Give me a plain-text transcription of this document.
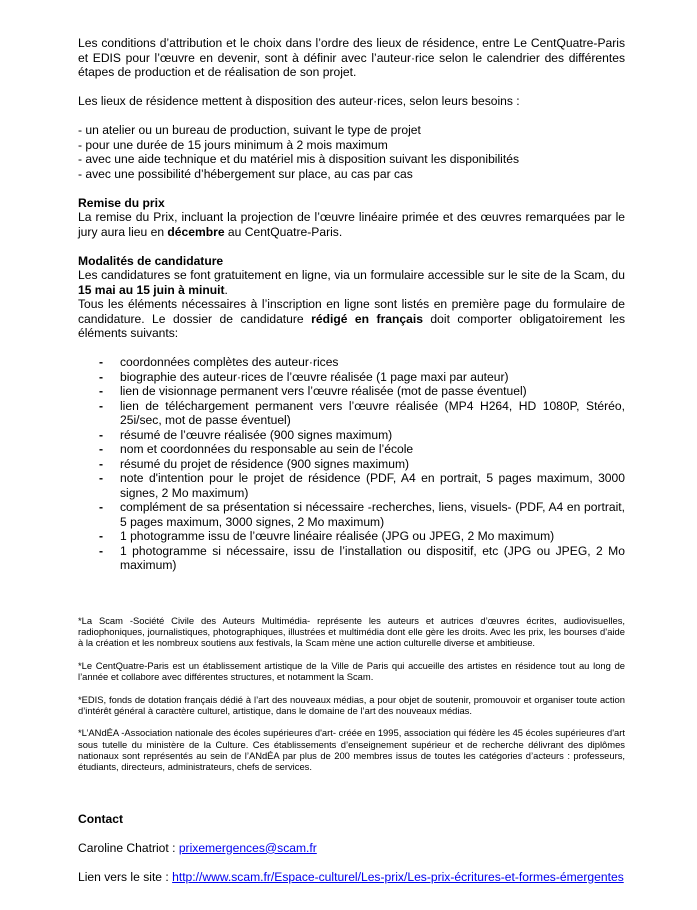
Les conditions d’attribution et le choix dans l’ordre des lieux de résidence, entre Le CentQuatre-Paris et EDIS pour l’œuvre en devenir, sont à définir avec l’auteur·rice selon le calendrier des différentes étapes de production et de réalisation de son projet.

Les lieux de résidence mettent à disposition des auteur·rices, selon leurs besoins :

- un atelier ou un bureau de production, suivant le type de projet
- pour une durée de 15 jours minimum à 2 mois maximum
- avec une aide technique et du matériel mis à disposition suivant les disponibilités
- avec une possibilité d’hébergement sur place, au cas par cas

Remise du prix

La remise du Prix, incluant la projection de l’œuvre linéaire primée et des œuvres remarquées par le jury aura lieu en décembre au CentQuatre-Paris.

Modalités de candidature

Les candidatures se font gratuitement en ligne, via un formulaire accessible sur le site de la Scam, du 15 mai au 15 juin à minuit.

Tous les éléments nécessaires à l’inscription en ligne sont listés en première page du formulaire de candidature. Le dossier de candidature rédigé en français doit comporter obligatoirement les éléments suivants:

- coordonnées complètes des auteur·rices
- biographie des auteur·rices de l’œuvre réalisée (1 page maxi par auteur)
- lien de visionnage permanent vers l’œuvre réalisée (mot de passe éventuel)
- lien de téléchargement permanent vers l’œuvre réalisée (MP4 H264, HD 1080P, Stéréo, 25i/sec, mot de passe éventuel)
- résumé de l’œuvre réalisée (900 signes maximum)
- nom et coordonnées du responsable au sein de l’école
- résumé du projet de résidence (900 signes maximum)
- note d'intention pour le projet de résidence (PDF, A4 en portrait, 5 pages maximum, 3000 signes, 2 Mo maximum)
- complément de sa présentation si nécessaire -recherches, liens, visuels- (PDF, A4 en portrait, 5 pages maximum, 3000 signes, 2 Mo maximum)
- 1 photogramme issu de l’œuvre linéaire réalisée (JPG ou JPEG, 2 Mo maximum)
- 1 photogramme si nécessaire, issu de l’installation ou dispositif, etc (JPG ou JPEG, 2 Mo maximum)

*La Scam -Société Civile des Auteurs Multimédia- représente les auteurs et autrices d’œuvres écrites, audiovisuelles, radiophoniques, journalistiques, photographiques, illustrées et multimédia dont elle gère les droits. Avec les prix, les bourses d’aide à la création et les nombreux soutiens aux festivals, la Scam mène une action culturelle diverse et ambitieuse.

*Le CentQuatre-Paris est un établissement artistique de la Ville de Paris qui accueille des artistes en résidence tout au long de l’année et collabore avec différentes structures, et notamment la Scam.

*EDIS, fonds de dotation français dédié à l’art des nouveaux médias, a pour objet de soutenir, promouvoir et organiser toute action d’intérêt général à caractère culturel, artistique, dans le domaine de l’art des nouveaux médias.

*L’ANdÉA -Association nationale des écoles supérieures d'art- créée en 1995, association qui fédère les 45 écoles supérieures d'art sous tutelle du ministère de la Culture. Ces établissements d’enseignement supérieur et de recherche délivrant des diplômes nationaux sont représentés au sein de l’ANdÉA par plus de 200 membres issus de toutes les catégories d’acteurs : professeurs, étudiants, directeurs, administrateurs, chefs de services.

Contact

Caroline Chatriot : prixemergences@scam.fr

Lien vers le site : http://www.scam.fr/Espace-culturel/Les-prix/Les-prix-écritures-et-formes-émergentes
